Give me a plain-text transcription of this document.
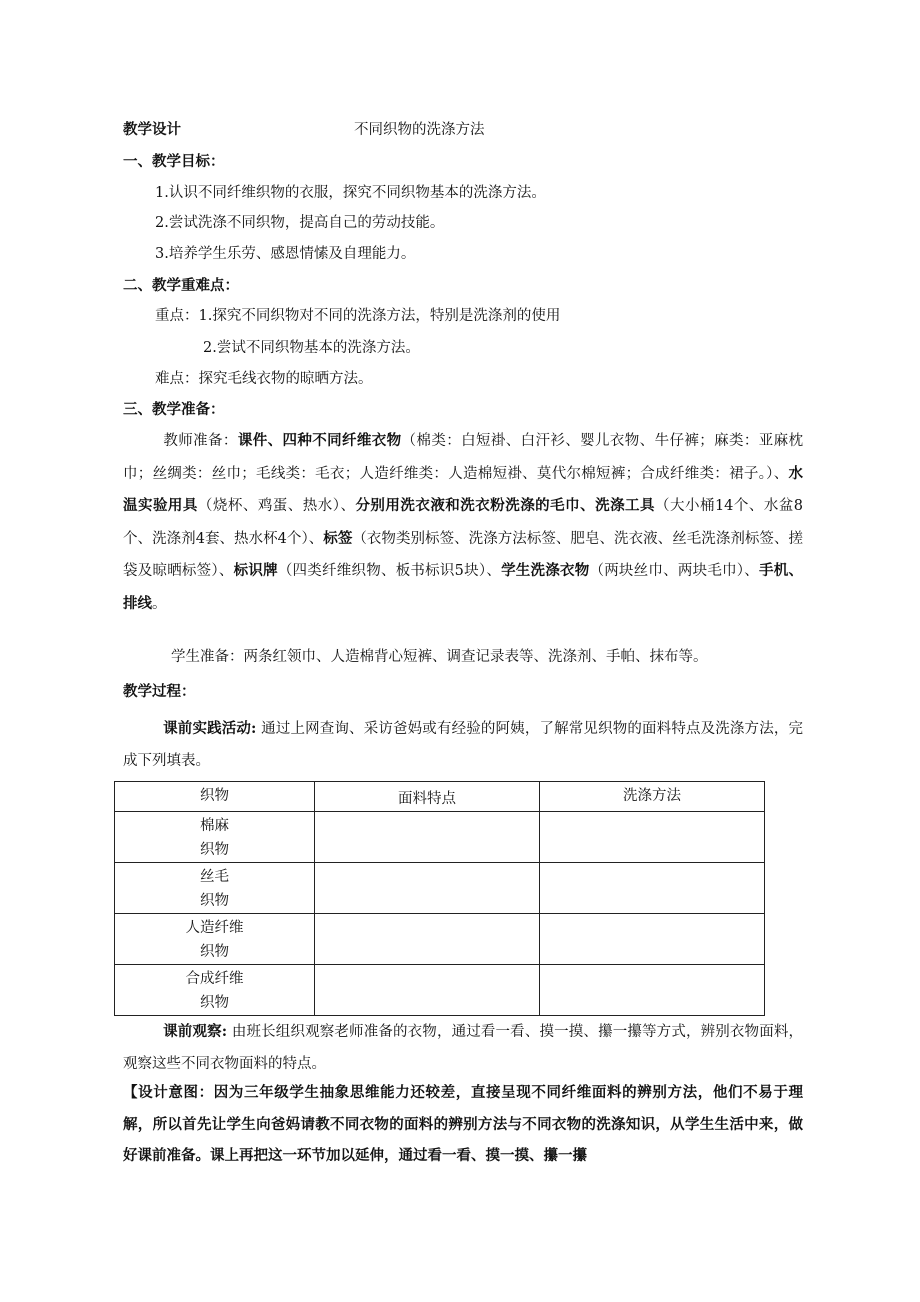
教学设计	不同织物的洗涤方法
一、教学目标：
1.认识不同纤维织物的衣服，探究不同织物基本的洗涤方法。
2.尝试洗涤不同织物，提高自己的劳动技能。
3.培养学生乐劳、感恩情愫及自理能力。
二、教学重难点：
重点：1.探究不同织物对不同的洗涤方法，特别是洗涤剂的使用
2.尝试不同织物基本的洗涤方法。
难点：探究毛线衣物的晾晒方法。
三、教学准备：
教师准备：课件、四种不同纤维衣物（棉类：白短褂、白汗衫、婴儿衣物、牛仔裤；麻类：亚麻枕巾；丝绸类：丝巾；毛线类：毛衣；人造纤维类：人造棉短褂、莫代尔棉短裤；合成纤维类：裙子。）、水温实验用具（烧杯、鸡蛋、热水）、分别用洗衣液和洗衣粉洗涤的毛巾、洗涤工具（大小桶14个、水盆8个、洗涤剂4套、热水杯4个）、标签（衣物类别标签、洗涤方法标签、肥皂、洗衣液、丝毛洗涤剂标签、搓袋及晾晒标签）、标识牌（四类纤维织物、板书标识5块）、学生洗涤衣物（两块丝巾、两块毛巾）、手机、排线。
学生准备：两条红领巾、人造棉背心短裤、调查记录表等、洗涤剂、手帕、抹布等。
教学过程：
课前实践活动: 通过上网查询、采访爸妈或有经验的阿姨，了解常见织物的面料特点及洗涤方法，完成下列填表。
织物	面料特点	洗涤方法

棉麻
织物		

丝毛
织物		

人造纤维
织物		

合成纤维
织物		

课前观察: 由班长组织观察老师准备的衣物，通过看一看、摸一摸、攥一攥等方式，辨别衣物面料，观察这些不同衣物面料的特点。
【设计意图：因为三年级学生抽象思维能力还较差，直接呈现不同纤维面料的辨别方法，他们不易于理解，所以首先让学生向爸妈请教不同衣物的面料的辨别方法与不同衣物的洗涤知识，从学生生活中来，做好课前准备。课上再把这一环节加以延伸，通过看一看、摸一摸、攥一攥
